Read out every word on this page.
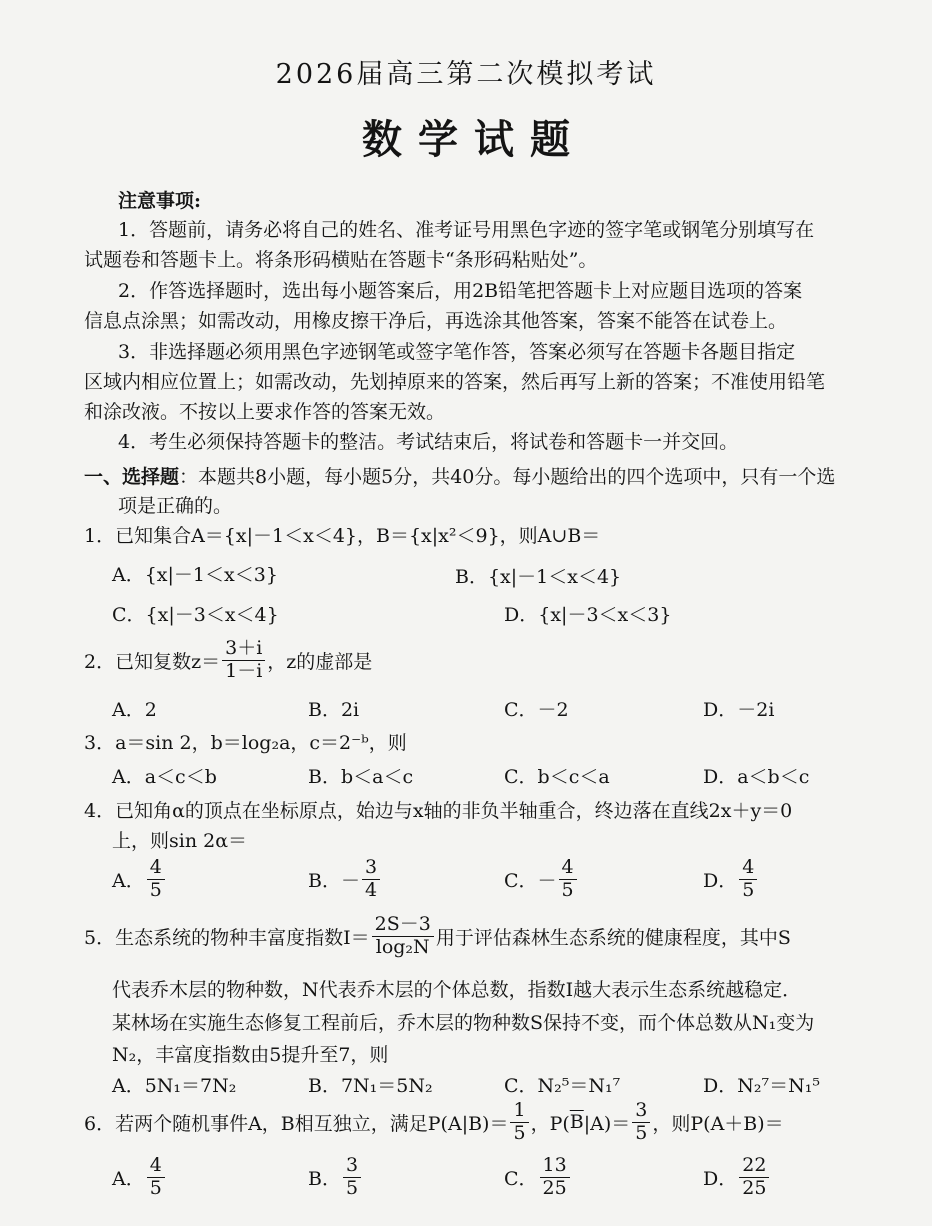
2026届高三第二次模拟考试
数学试题
注意事项:
1．答题前，请务必将自己的姓名、准考证号用黑色字迹的签字笔或钢笔分别填写在
试题卷和答题卡上。将条形码横贴在答题卡“条形码粘贴处”。
2．作答选择题时，选出每小题答案后，用2B铅笔把答题卡上对应题目选项的答案
信息点涂黑；如需改动，用橡皮擦干净后，再选涂其他答案，答案不能答在试卷上。
3．非选择题必须用黑色字迹钢笔或签字笔作答，答案必须写在答题卡各题目指定
区域内相应位置上；如需改动，先划掉原来的答案，然后再写上新的答案；不准使用铅笔
和涂改液。不按以上要求作答的答案无效。
4．考生必须保持答题卡的整洁。考试结束后，将试卷和答题卡一并交回。
一、选择题：本题共8小题，每小题5分，共40分。每小题给出的四个选项中，只有一个选
项是正确的。
1．已知集合A＝{x|－1＜x＜4}，B＝{x|x²＜9}，则A∪B＝
A．{x|－1＜x＜3}	B．{x|－1＜x＜4}
C．{x|－3＜x＜4}	D．{x|－3＜x＜3}
2．已知复数$z= \frac{3+i}{1-i}$ ，z的虚部是
A．2	B．2i	C．－2	D．－2i
3．a＝sin 2，b＝log₂a，c＝2⁻ᵇ，则
A．a＜c＜b	B．b＜a＜c	C．b＜c＜a	D．a＜b＜c
4．已知角α的顶点在坐标原点，始边与x轴的非负半轴重合，终边落在直线2x＋y＝0
上，则sin 2α＝
A． $\frac{4}{5}$	B．－ $\frac{3}{4}$	C．－ $\frac{4}{5}$	D． $\frac{4}{5}$
5．生态系统的物种丰富度指数$I= \frac{2S-3}{\text{log₂N}}$ 用于评估森林生态系统的健康程度，其中S
代表乔木层的物种数，N代表乔木层的个体总数，指数I越大表示生态系统越稳定．
某林场在实施生态修复工程前后，乔木层的物种数S保持不变，而个体总数从N₁变为
N₂，丰富度指数由5提升至7，则
A．5N₁＝7N₂	B．7N₁＝5N₂	C．N₂⁵＝N₁⁷	D．N₂⁷＝N₁⁵
6．若两个随机事件A，B相互独立，满足$P(A|B)= \frac{1}{5}$ ，P( $\overline{B}$ $|A)= \frac{3}{5}$ ，则P(A＋B)＝
A． $\frac{4}{5}$	B． $\frac{3}{5}$	C． $\frac{13}{25}$	D． $\frac{22}{25}$
